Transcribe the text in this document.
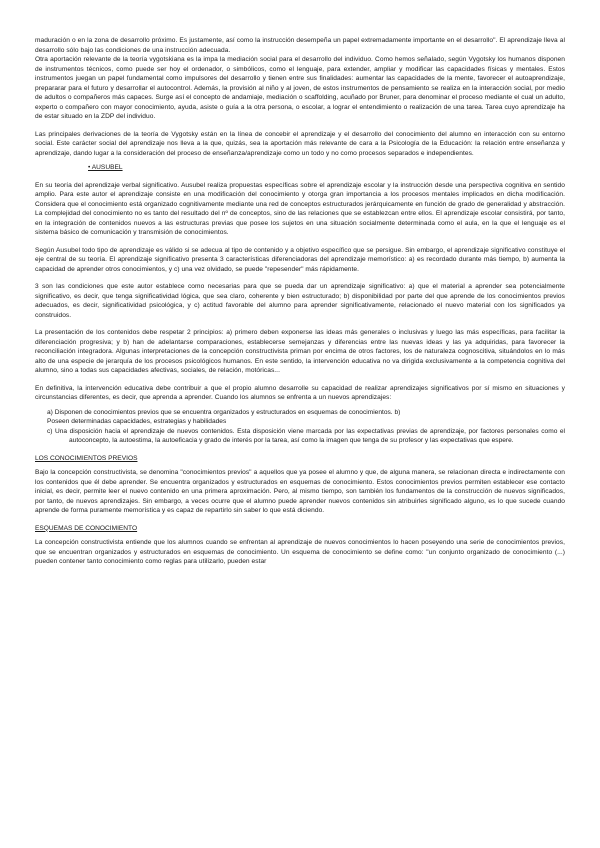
maduración o en la zona de desarrollo próximo. Es justamente, así como la instrucción desempeña un papel extremadamente importante en el desarrollo". El aprendizaje lleva al desarrollo sólo bajo las condiciones de una instrucción adecuada.

Otra aportación relevante de la teoría vygotskiana es la impa la mediación social para el desarrollo del individuo. Como hemos señalado, según Vygotsky los humanos disponen de instrumentos técnicos, como puede ser hoy el ordenador, o simbólicos, como el lenguaje, para extender, ampliar y modificar las capacidades físicas y mentales. Estos instrumentos juegan un papel fundamental como impulsores del desarrollo y tienen entre sus finalidades: aumentar las capacidades de la mente, favorecer el autoaprendizaje, prepararar para el futuro y desarrollar el autocontrol. Además, la provisión al niño y al joven, de estos instrumentos de pensamiento se realiza en la interacción social, por medio de adultos o compañeros más capaces. Surge así el concepto de andamiaje, mediación o scaffolding, acuñado por Bruner, para denominar el proceso mediante el cual un adulto, experto o compañero con mayor conocimiento, ayuda, asiste o guía a la otra persona, o escolar, a lograr el entendimiento o realización de una tarea. Tarea cuyo aprendizaje ha de estar situado en la ZDP del individuo.

Las principales derivaciones de la teoría de Vygotsky están en la línea de concebir el aprendizaje y el desarrollo del conocimiento del alumno en interacción con su entorno social. Este carácter social del aprendizaje nos lleva a la que, quizás, sea la aportación más relevante de cara a la Psicología de la Educación: la relación entre enseñanza y aprendizaje, dando lugar a la consideración del proceso de enseñanza/aprendizaje como un todo y no como procesos separados e independientes.

• AUSUBEL

En su teoría del aprendizaje verbal significativo. Ausubel realiza propuestas específicas sobre el aprendizaje escolar y la instrucción desde una perspectiva cognitiva en sentido amplio. Para este autor el aprendizaje consiste en una modificación del conocimiento y otorga gran importancia a los procesos mentales implicados en dicha modificación. Considera que el conocimiento está organizado cognitivamente mediante una red de conceptos estructurados jerárquicamente en función de grado de generalidad y abstracción. La complejidad del conocimiento no es tanto del resultado del nº de conceptos, sino de las relaciones que se establezcan entre ellos. El aprendizaje escolar consistirá, por tanto, en la integración de contenidos nuevos a las estructuras previas que posee los sujetos en una situación socialmente determinada como el aula, en la que el lenguaje es el sistema básico de comunicación y transmisión de conocimientos.

Según Ausubel todo tipo de aprendizaje es válido si se adecua al tipo de contenido y a objetivo específico que se persigue. Sin embargo, el aprendizaje significativo constituye el eje central de su teoría. El aprendizaje significativo presenta 3 características diferenciadoras del aprendizaje memorístico: a) es recordado durante más tiempo, b) aumenta la capacidad de aprender otros conocimientos, y c) una vez olvidado, se puede "repesender" más rápidamente.

3 son las condiciones que este autor establece como necesarias para que se pueda dar un aprendizaje significativo: a) que el material a aprender sea potencialmente significativo, es decir, que tenga significatividad lógica, que sea claro, coherente y bien estructurado; b) disponibilidad por parte del que aprende de los conocimientos previos adecuados, es decir, significatividad psicológica, y c) actitud favorable del alumno para aprender significativamente, relacionado el nuevo material con los significados ya construidos.

La presentación de los contenidos debe respetar 2 principios: a) primero deben exponerse las ideas más generales o inclusivas y luego las más específicas, para facilitar la diferenciación progresiva; y b) han de adelantarse comparaciones, establecerse semejanzas y diferencias entre las nuevas ideas y las ya adquiridas, para favorecer la reconciliación integradora. Algunas interpretaciones de la concepción constructivista priman por encima de otros factores, los de naturaleza cognoscitiva, situándolos en lo más alto de una especie de jerarquía de los procesos psicológicos humanos. En este sentido, la intervención educativa no va dirigida exclusivamente a la competencia cognitiva del alumno, sino a todas sus capacidades afectivas, sociales, de relación, motóricas...

En definitiva, la intervención educativa debe contribuir a que el propio alumno desarrolle su capacidad de realizar aprendizajes significativos por sí mismo en situaciones y circunstancias diferentes, es decir, que aprenda a aprender. Cuando los alumnos se enfrenta a un nuevos aprendizajes:

a) Disponen de conocimientos previos que se encuentra organizados y estructurados en esquemas de conocimientos. b)
Poseen determinadas capacidades, estrategias y habilidades
c) Una disposición hacia el aprendizaje de nuevos contenidos. Esta disposición viene marcada por las expectativas previas de aprendizaje, por factores personales como el autoconcepto, la autoestima, la autoeficacia y grado de interés por la tarea, así como la imagen que tenga de su profesor y las expectativas que espere.
LOS CONOCIMIENTOS PREVIOS

Bajo la concepción constructivista, se denomina "conocimientos previos" a aquellos que ya posee el alumno y que, de alguna manera, se relacionan directa e indirectamente con los contenidos que él debe aprender. Se encuentra organizados y estructurados en esquemas de conocimiento. Estos conocimientos previos permiten establecer ese contacto inicial, es decir, permite leer el nuevo contenido en una primera aproximación. Pero, al mismo tiempo, son también los fundamentos de la construcción de nuevos significados, por tanto, de nuevos aprendizajes. Sin embargo, a veces ocurre que el alumno puede aprender nuevos contenidos sin atribuirles significado alguno, es lo que sucede cuando aprende de forma puramente memorística y es capaz de repartirlo sin saber lo que está diciendo.

ESQUEMAS DE CONOCIMIENTO

La concepción constructivista entiende que los alumnos cuando se enfrentan al aprendizaje de nuevos conocimientos lo hacen poseyendo una serie de conocimientos previos, que se encuentran organizados y estructurados en esquemas de conocimiento. Un esquema de conocimiento se define como: "un conjunto organizado de conocimiento (...) pueden contener tanto conocimiento como reglas para utilizarlo, pueden estar
